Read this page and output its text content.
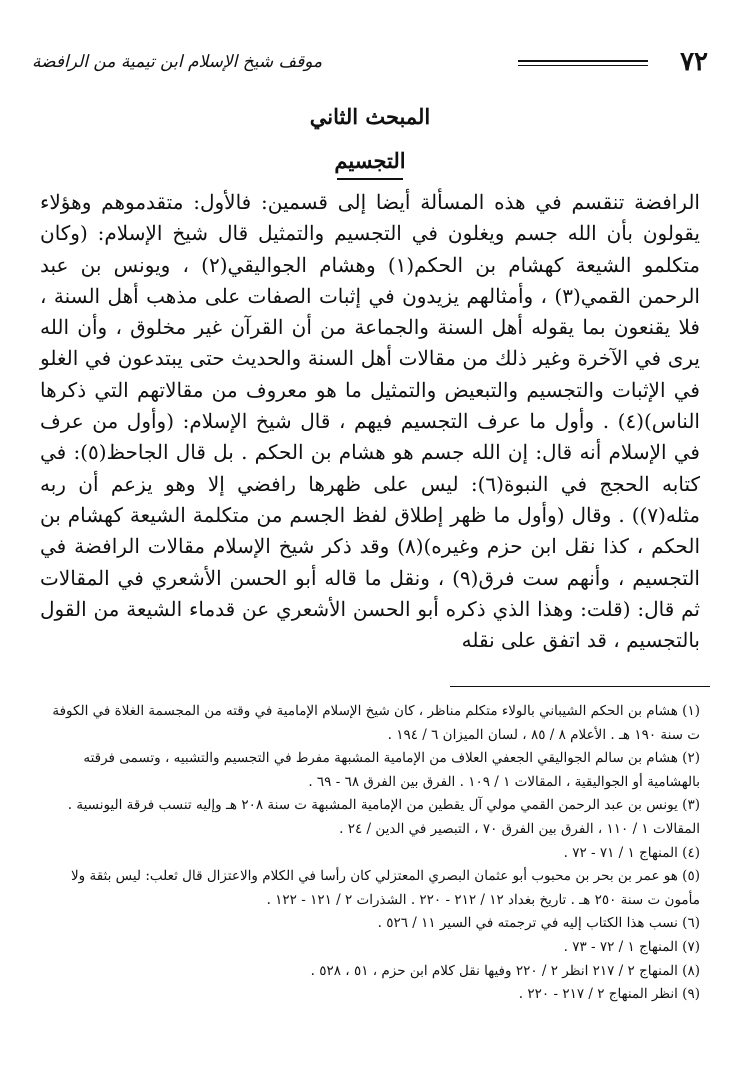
٧٢
موقف شيخ الإسلام ابن تيمية من الرافضة
المبحث الثاني
التجسيم

الرافضة تنقسم في هذه المسألة أيضا إلى قسمين: فالأول: متقدموهم وهؤلاء يقولون بأن الله جسم ويغلون في التجسيم والتمثيل قال شيخ الإسلام: (وكان متكلمو الشيعة كهشام بن الحكم(١) وهشام الجواليقي(٢) ، ويونس بن عبد الرحمن القمي(٣) ، وأمثالهم يزيدون في إثبات الصفات على مذهب أهل السنة ، فلا يقنعون بما يقوله أهل السنة والجماعة من أن القرآن غير مخلوق ، وأن الله يرى في الآخرة وغير ذلك من مقالات أهل السنة والحديث حتى يبتدعون في الغلو في الإثبات والتجسيم والتبعيض والتمثيل ما هو معروف من مقالاتهم التي ذكرها الناس)(٤) . وأول ما عرف التجسيم فيهم ، قال شيخ الإسلام: (وأول من عرف في الإسلام أنه قال: إن الله جسم هو هشام بن الحكم . بل قال الجاحظ(٥): في كتابه الحجج في النبوة(٦): ليس على ظهرها رافضي إلا وهو يزعم أن ربه مثله(٧)) . وقال (وأول ما ظهر إطلاق لفظ الجسم من متكلمة الشيعة كهشام بن الحكم ، كذا نقل ابن حزم وغيره)(٨) وقد ذكر شيخ الإسلام مقالات الرافضة في التجسيم ، وأنهم ست فرق(٩) ، ونقل ما قاله أبو الحسن الأشعري في المقالات ثم قال: (قلت: وهذا الذي ذكره أبو الحسن الأشعري عن قدماء الشيعة من القول بالتجسيم ، قد اتفق على نقله

(١) هشام بن الحكم الشيباني بالولاء متكلم مناظر ، كان شيخ الإسلام الإمامية في وقته من المجسمة الغلاة في الكوفة ت سنة ١٩٠ هـ . الأعلام ٨ / ٨٥ ، لسان الميزان ٦ / ١٩٤ .

(٢) هشام بن سالم الجواليقي الجعفي العلاف من الإمامية المشبهة مفرط في التجسيم والتشبيه ، وتسمى فرقته بالهشامية أو الجواليقية ، المقالات ١ / ١٠٩ . الفرق بين الفرق ٦٨ - ٦٩ .

(٣) يونس بن عبد الرحمن القمي مولي آل يقطين من الإمامية المشبهة ت سنة ٢٠٨ هـ وإليه تنسب فرقة اليونسية . المقالات ١ / ١١٠ ، الفرق بين الفرق ٧٠ ، التبصير في الدين / ٢٤ .

(٤) المنهاج ١ / ٧١ - ٧٢ .

(٥) هو عمر بن بحر بن محبوب أبو عثمان البصري المعتزلي كان رأسا في الكلام والاعتزال قال ثعلب: ليس بثقة ولا مأمون ت سنة ٢٥٠ هـ . تاريخ بغداد ١٢ / ٢١٢ - ٢٢٠ . الشذرات ٢ / ١٢١ - ١٢٢ .

(٦) نسب هذا الكتاب إليه في ترجمته في السير ١١ / ٥٢٦ .

(٧) المنهاج ١ / ٧٢ - ٧٣ .

(٨) المنهاج ٢ / ٢١٧ انظر ٢ / ٢٢٠ وفيها نقل كلام ابن حزم ، ٥١ ، ٥٢٨ .

(٩) انظر المنهاج ٢ / ٢١٧ - ٢٢٠ .
